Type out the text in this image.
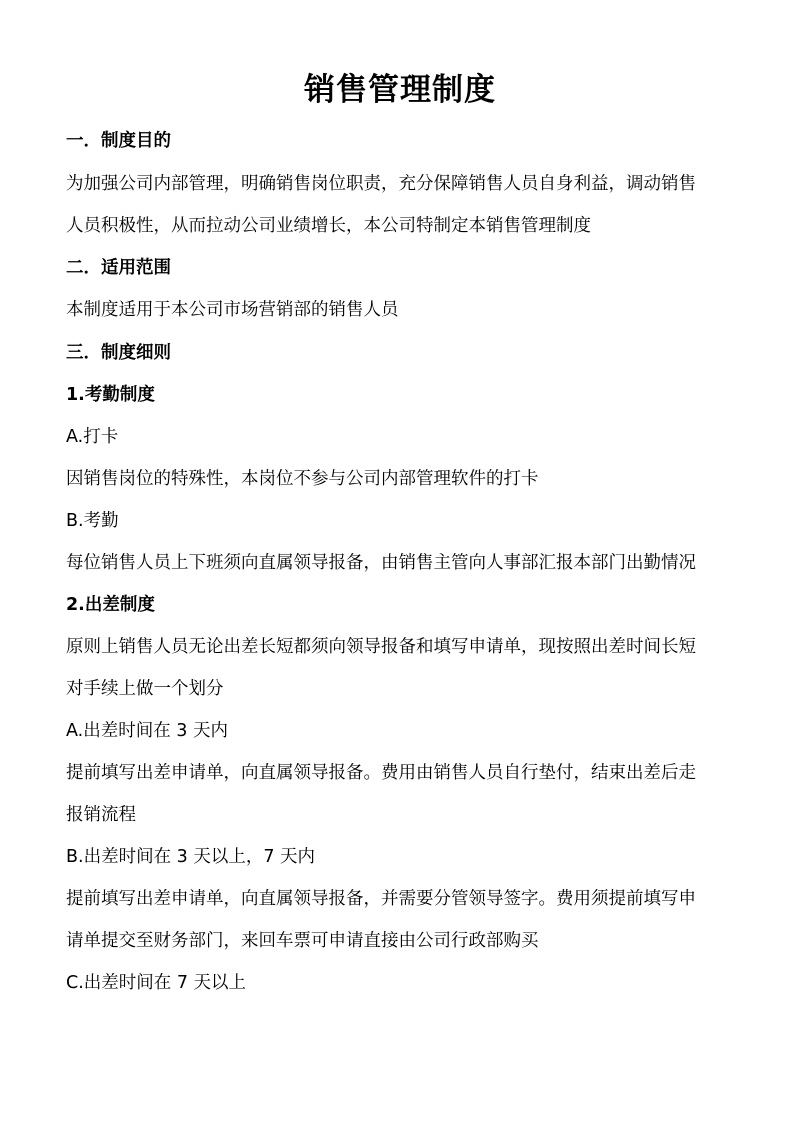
销售管理制度
一．制度目的
为加强公司内部管理，明确销售岗位职责，充分保障销售人员自身利益，调动销售
人员积极性，从而拉动公司业绩增长，本公司特制定本销售管理制度
二．适用范围
本制度适用于本公司市场营销部的销售人员
三．制度细则
1.考勤制度
A.打卡
因销售岗位的特殊性，本岗位不参与公司内部管理软件的打卡
B.考勤
每位销售人员上下班须向直属领导报备，由销售主管向人事部汇报本部门出勤情况
2.出差制度
原则上销售人员无论出差长短都须向领导报备和填写申请单，现按照出差时间长短
对手续上做一个划分
A.出差时间在 3 天内
提前填写出差申请单，向直属领导报备。费用由销售人员自行垫付，结束出差后走
报销流程
B.出差时间在 3 天以上，7 天内
提前填写出差申请单，向直属领导报备，并需要分管领导签字。费用须提前填写申
请单提交至财务部门，来回车票可申请直接由公司行政部购买
C.出差时间在 7 天以上
